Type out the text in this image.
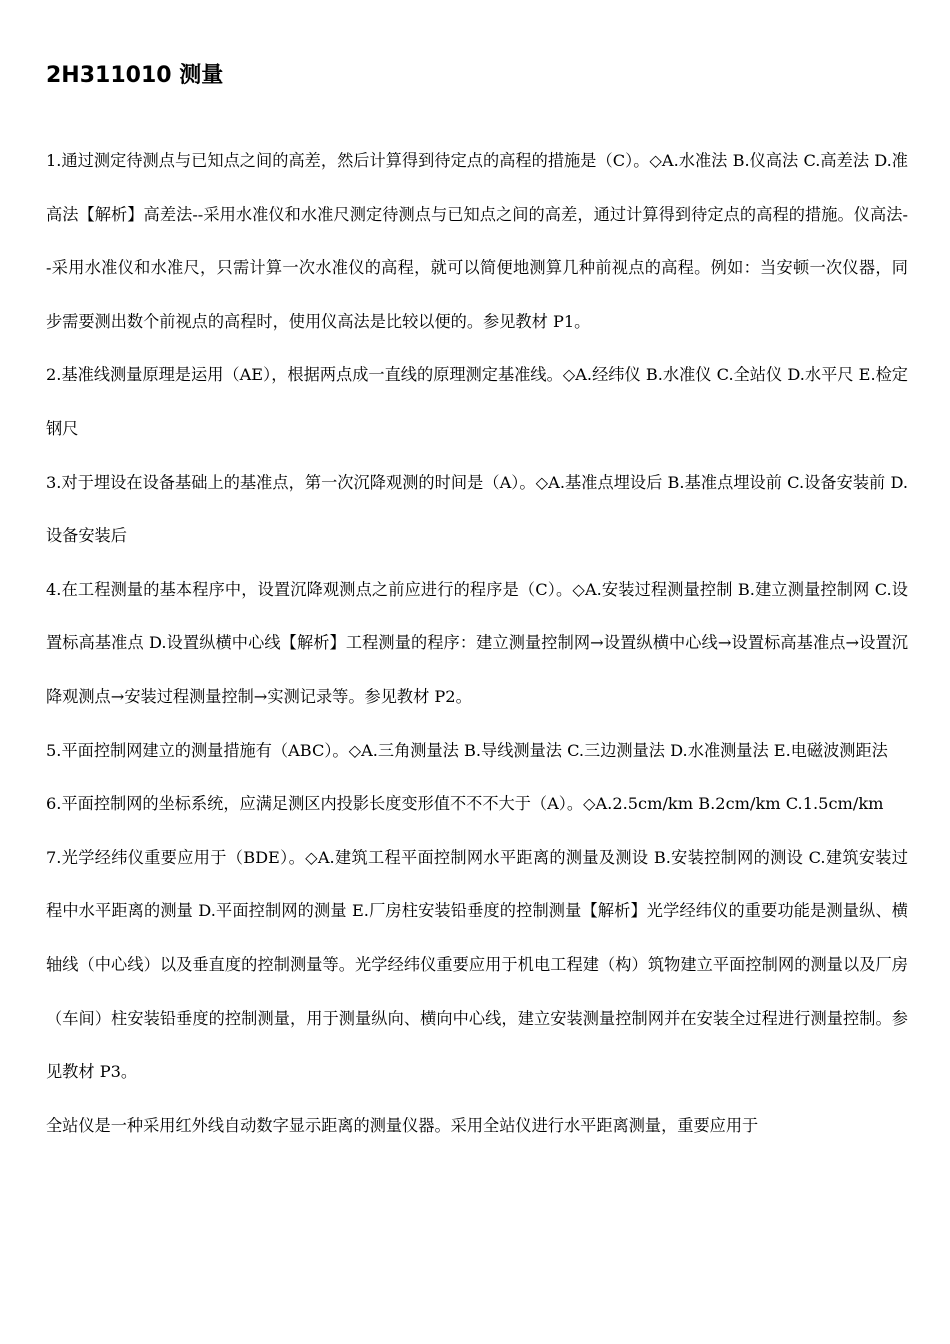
2H311010 测量

1.通过测定待测点与已知点之间的高差，然后计算得到待定点的高程的措施是（C）。◇A.水准法 B.仪高法 C.高差法 D.准高法【解析】高差法--采用水准仪和水准尺测定待测点与已知点之间的高差，通过计算得到待定点的高程的措施。仪高法--采用水准仪和水准尺，只需计算一次水准仪的高程，就可以简便地测算几种前视点的高程。例如：当安顿一次仪器，同步需要测出数个前视点的高程时，使用仪高法是比较以便的。参见教材 P1。

2.基准线测量原理是运用（AE），根据两点成一直线的原理测定基准线。◇A.经纬仪 B.水准仪 C.全站仪 D.水平尺 E.检定钢尺

3.对于埋设在设备基础上的基准点，第一次沉降观测的时间是（A）。◇A.基准点埋设后 B.基准点埋设前 C.设备安装前 D.设备安装后

4.在工程测量的基本程序中，设置沉降观测点之前应进行的程序是（C）。◇A.安装过程测量控制 B.建立测量控制网 C.设置标高基准点 D.设置纵横中心线【解析】工程测量的程序：建立测量控制网→设置纵横中心线→设置标高基准点→设置沉降观测点→安装过程测量控制→实测记录等。参见教材 P2。

5.平面控制网建立的测量措施有（ABC）。◇A.三角测量法 B.导线测量法 C.三边测量法 D.水准测量法 E.电磁波测距法

6.平面控制网的坐标系统，应满足测区内投影长度变形值不不不大于（A）。◇A.2.5cm/km B.2cm/km C.1.5cm/km

7.光学经纬仪重要应用于（BDE）。◇A.建筑工程平面控制网水平距离的测量及测设 B.安装控制网的测设 C.建筑安装过程中水平距离的测量 D.平面控制网的测量 E.厂房柱安装铅垂度的控制测量【解析】光学经纬仪的重要功能是测量纵、横轴线（中心线）以及垂直度的控制测量等。光学经纬仪重要应用于机电工程建（构）筑物建立平面控制网的测量以及厂房（车间）柱安装铅垂度的控制测量，用于测量纵向、横向中心线，建立安装测量控制网并在安装全过程进行测量控制。参见教材 P3。

全站仪是一种采用红外线自动数字显示距离的测量仪器。采用全站仪进行水平距离测量，重要应用于
